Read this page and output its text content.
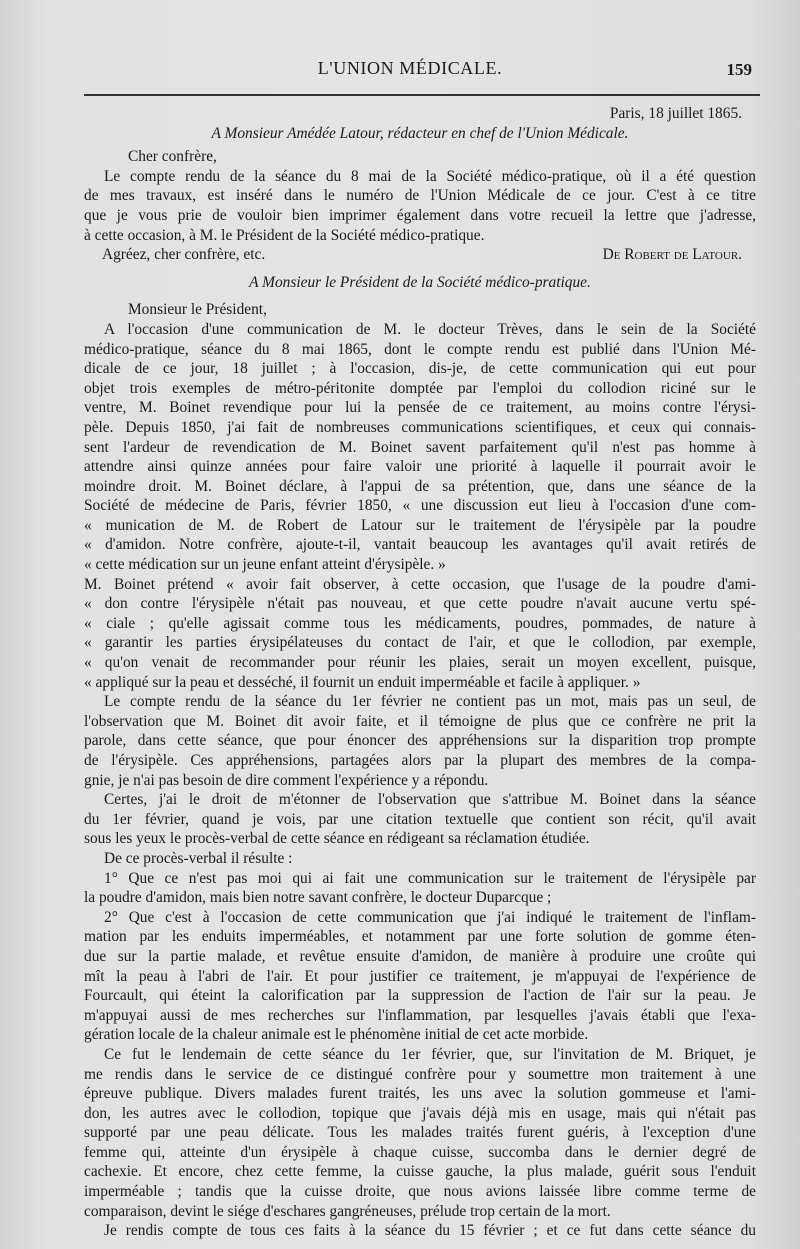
L'UNION MÉDICALE.	159
Paris, 18 juillet 1865.
A Monsieur Amédée Latour, rédacteur en chef de l'Union Médicale.
Cher confrère,
Le compte rendu de la séance du 8 mai de la Société médico-pratique, où il a été question
de mes travaux, est inséré dans le numéro de l'Union Médicale de ce jour. C'est à ce titre
que je vous prie de vouloir bien imprimer également dans votre recueil la lettre que j'adresse,
à cette occasion, à M. le Président de la Société médico-pratique.
Agréez, cher confrère, etc.	De Robert de Latour.
A Monsieur le Président de la Société médico-pratique.
Monsieur le Président,
A l'occasion d'une communication de M. le docteur Trèves, dans le sein de la Société
médico-pratique, séance du 8 mai 1865, dont le compte rendu est publié dans l'Union Mé-
dicale de ce jour, 18 juillet ; à l'occasion, dis-je, de cette communication qui eut pour
objet trois exemples de métro-péritonite domptée par l'emploi du collodion riciné sur le
ventre, M. Boinet revendique pour lui la pensée de ce traitement, au moins contre l'érysi-
pèle. Depuis 1850, j'ai fait de nombreuses communications scientifiques, et ceux qui connais-
sent l'ardeur de revendication de M. Boinet savent parfaitement qu'il n'est pas homme à
attendre ainsi quinze années pour faire valoir une priorité à laquelle il pourrait avoir le
moindre droit. M. Boinet déclare, à l'appui de sa prétention, que, dans une séance de la
Société de médecine de Paris, février 1850, « une discussion eut lieu à l'occasion d'une com-
« munication de M. de Robert de Latour sur le traitement de l'érysipèle par la poudre
« d'amidon. Notre confrère, ajoute-t-il, vantait beaucoup les avantages qu'il avait retirés de
« cette médication sur un jeune enfant atteint d'érysipèle. »
M. Boinet prétend « avoir fait observer, à cette occasion, que l'usage de la poudre d'ami-
« don contre l'érysipèle n'était pas nouveau, et que cette poudre n'avait aucune vertu spé-
« ciale ; qu'elle agissait comme tous les médicaments, poudres, pommades, de nature à
« garantir les parties érysipélateuses du contact de l'air, et que le collodion, par exemple,
« qu'on venait de recommander pour réunir les plaies, serait un moyen excellent, puisque,
« appliqué sur la peau et desséché, il fournit un enduit imperméable et facile à appliquer. »
Le compte rendu de la séance du 1er février ne contient pas un mot, mais pas un seul, de
l'observation que M. Boinet dit avoir faite, et il témoigne de plus que ce confrère ne prit la
parole, dans cette séance, que pour énoncer des appréhensions sur la disparition trop prompte
de l'érysipèle. Ces appréhensions, partagées alors par la plupart des membres de la compa-
gnie, je n'ai pas besoin de dire comment l'expérience y a répondu.
Certes, j'ai le droit de m'étonner de l'observation que s'attribue M. Boinet dans la séance
du 1er février, quand je vois, par une citation textuelle que contient son récit, qu'il avait
sous les yeux le procès-verbal de cette séance en rédigeant sa réclamation étudiée.
De ce procès-verbal il résulte :
1° Que ce n'est pas moi qui ai fait une communication sur le traitement de l'érysipèle par
la poudre d'amidon, mais bien notre savant confrère, le docteur Duparcque ;
2° Que c'est à l'occasion de cette communication que j'ai indiqué le traitement de l'inflam-
mation par les enduits imperméables, et notamment par une forte solution de gomme éten-
due sur la partie malade, et revêtue ensuite d'amidon, de manière à produire une croûte qui
mît la peau à l'abri de l'air. Et pour justifier ce traitement, je m'appuyai de l'expérience de
Fourcault, qui éteint la calorification par la suppression de l'action de l'air sur la peau. Je
m'appuyai aussi de mes recherches sur l'inflammation, par lesquelles j'avais établi que l'exa-
gération locale de la chaleur animale est le phénomène initial de cet acte morbide.
Ce fut le lendemain de cette séance du 1er février, que, sur l'invitation de M. Briquet, je
me rendis dans le service de ce distingué confrère pour y soumettre mon traitement à une
épreuve publique. Divers malades furent traités, les uns avec la solution gommeuse et l'ami-
don, les autres avec le collodion, topique que j'avais déjà mis en usage, mais qui n'était pas
supporté par une peau délicate. Tous les malades traités furent guéris, à l'exception d'une
femme qui, atteinte d'un érysipèle à chaque cuisse, succomba dans le dernier degré de
cachexie. Et encore, chez cette femme, la cuisse gauche, la plus malade, guérit sous l'enduit
imperméable ; tandis que la cuisse droite, que nous avions laissée libre comme terme de
comparaison, devint le siége d'eschares gangréneuses, prélude trop certain de la mort.
Je rendis compte de tous ces faits à la séance du 15 février ; et ce fut dans cette séance du
